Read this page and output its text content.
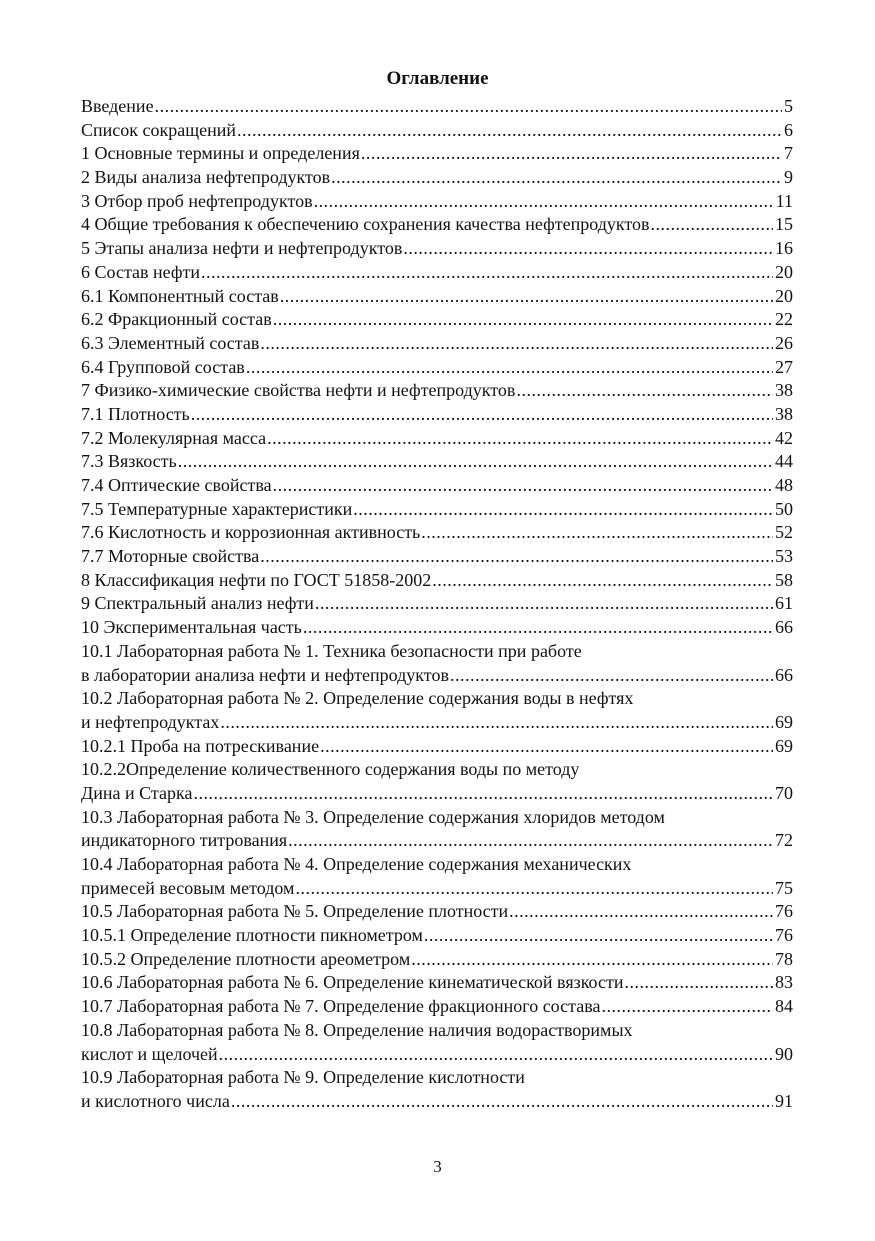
Оглавление
Введение .....	5
Список сокращений .....	6
1 Основные термины и определения .....	7
2 Виды анализа нефтепродуктов .....	9
3 Отбор проб нефтепродуктов .....	11
4 Общие требования к обеспечению сохранения качества нефтепродуктов .....	15
5 Этапы анализа нефти и нефтепродуктов .....	16
6 Состав нефти .....	20
6.1 Компонентный состав .....	20
6.2 Фракционный состав .....	22
6.3 Элементный состав .....	26
6.4 Групповой состав .....	27
7 Физико-химические свойства нефти и нефтепродуктов .....	38
7.1 Плотность .....	38
7.2 Молекулярная масса .....	42
7.3 Вязкость .....	44
7.4 Оптические свойства .....	48
7.5 Температурные характеристики .....	50
7.6 Кислотность и коррозионная активность .....	52
7.7 Моторные свойства .....	53
8 Классификация нефти по ГОСТ 51858-2002 .....	58
9 Спектральный анализ нефти .....	61
10 Экспериментальная часть .....	66
10.1 Лабораторная работа № 1. Техника безопасности при работе
в лаборатории анализа нефти и нефтепродуктов .....	66
10.2 Лабораторная работа № 2. Определение содержания воды в нефтях
и нефтепродуктах .....	69
10.2.1 Проба на потрескивание .....	69
10.2.2Определение количественного содержания воды по методу
Дина и Старка .....	70
10.3 Лабораторная работа № 3. Определение содержания хлоридов методом
индикаторного титрования .....	72
10.4 Лабораторная работа № 4. Определение содержания механических
примесей весовым методом .....	75
10.5 Лабораторная работа № 5. Определение плотности .....	76
10.5.1 Определение плотности пикнометром .....	76
10.5.2 Определение плотности ареометром .....	78
10.6 Лабораторная работа № 6. Определение кинематической вязкости .....	83
10.7 Лабораторная работа № 7. Определение фракционного состава .....	84
10.8 Лабораторная работа № 8. Определение наличия водорастворимых
кислот и щелочей .....	90
10.9 Лабораторная работа № 9. Определение кислотности
и кислотного числа .....	91
3
